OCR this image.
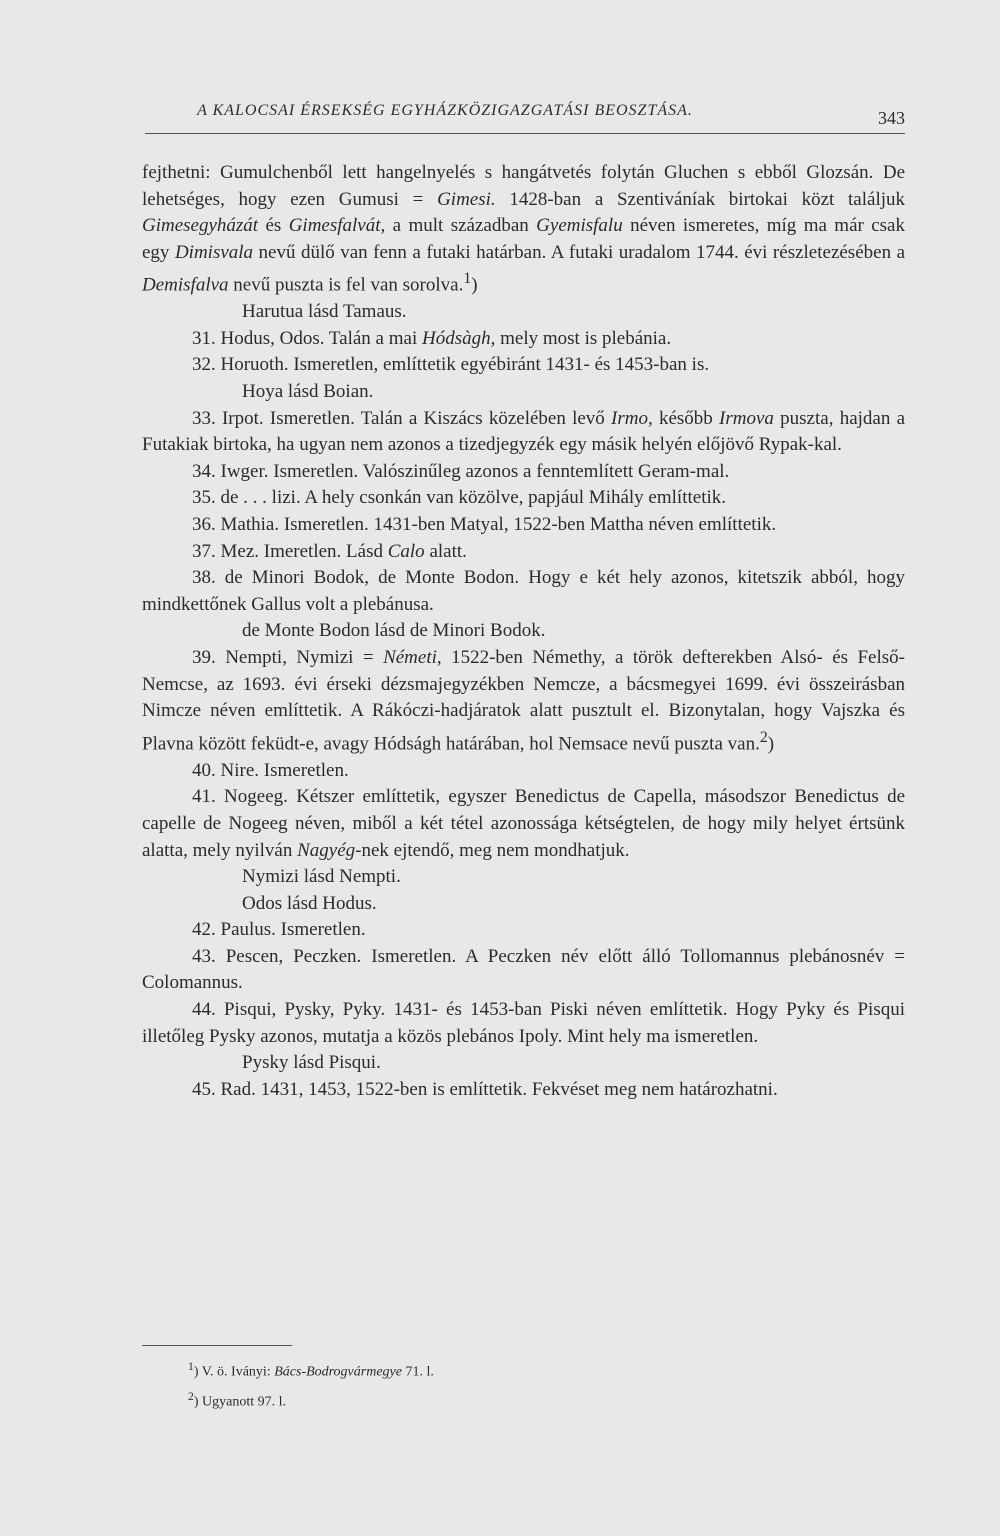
A KALOCSAI ÉRSEKSÉG EGYHÁZKÖZIGAZGATÁSI BEOSZTÁSA.	343

fejthetni: Gumulchenből lett hangelnyelés s hangátvetés folytán Gluchen s ebből Glozsán. De lehetséges, hogy ezen Gumusi = Gimesi. 1428-ban a Szentiváníak birtokai közt találjuk Gimesegyházát és Gimesfalvát, a mult században Gyemisfalu néven ismeretes, míg ma már csak egy Dimisvala nevű dülő van fenn a futaki határban. A futaki uradalom 1744. évi részletezésében a Demisfalva nevű puszta is fel van sorolva.$^1$)

Harutua lásd Tamaus.

31. Hodus, Odos. Talán a mai Hódsàgh, mely most is plebánia.

32. Horuoth. Ismeretlen, említtetik egyébiránt 1431- és 1453-ban is.

Hoya lásd Boian.

33. Irpot. Ismeretlen. Talán a Kiszács közelében levő Irmo, később Irmova puszta, hajdan a Futakiak birtoka, ha ugyan nem azonos a tizedjegyzék egy másik helyén előjövő Rypak-kal.

34. Iwger. Ismeretlen. Valószinűleg azonos a fenntemlített Geram-mal.

35. de . . . lizi. A hely csonkán van közölve, papjául Mihály említtetik.

36. Mathia. Ismeretlen. 1431-ben Matyal, 1522-ben Mattha néven említtetik.

37. Mez. Imeretlen. Lásd Calo alatt.

38. de Minori Bodok, de Monte Bodon. Hogy e két hely azonos, kitetszik abból, hogy mindkettőnek Gallus volt a plebánusa.

de Monte Bodon lásd de Minori Bodok.

39. Nempti, Nymizi = Németi, 1522-ben Némethy, a török defterekben Alsó- és Felső-Nemcse, az 1693. évi érseki dézsmajegyzékben Nemcze, a bácsmegyei 1699. évi összeirásban Nimcze néven említtetik. A Rákóczi-hadjáratok alatt pusztult el. Bizonytalan, hogy Vajszka és Plavna között feküdt-e, avagy Hódságh határában, hol Nemsace nevű puszta van.$^2$)

40. Nire. Ismeretlen.

41. Nogeeg. Kétszer említtetik, egyszer Benedictus de Capella, másodszor Benedictus de capelle de Nogeeg néven, miből a két tétel azonossága kétségtelen, de hogy mily helyet értsünk alatta, mely nyilván Nagyég-nek ejtendő, meg nem mondhatjuk.

Nymizi lásd Nempti.

Odos lásd Hodus.

42. Paulus. Ismeretlen.

43. Pescen, Peczken. Ismeretlen. A Peczken név előtt álló Tollomannus plebánosnév = Colomannus.

44. Pisqui, Pysky, Pyky. 1431- és 1453-ban Piski néven említtetik. Hogy Pyky és Pisqui illetőleg Pysky azonos, mutatja a közös plebános Ipoly. Mint hely ma ismeretlen.

Pysky lásd Pisqui.

45. Rad. 1431, 1453, 1522-ben is említtetik. Fekvéset meg nem határozhatni.

$^1$) V. ö. Iványi: Bács-Bodrogvármegye 71. l.
$^2$) Ugyanott 97. l.
